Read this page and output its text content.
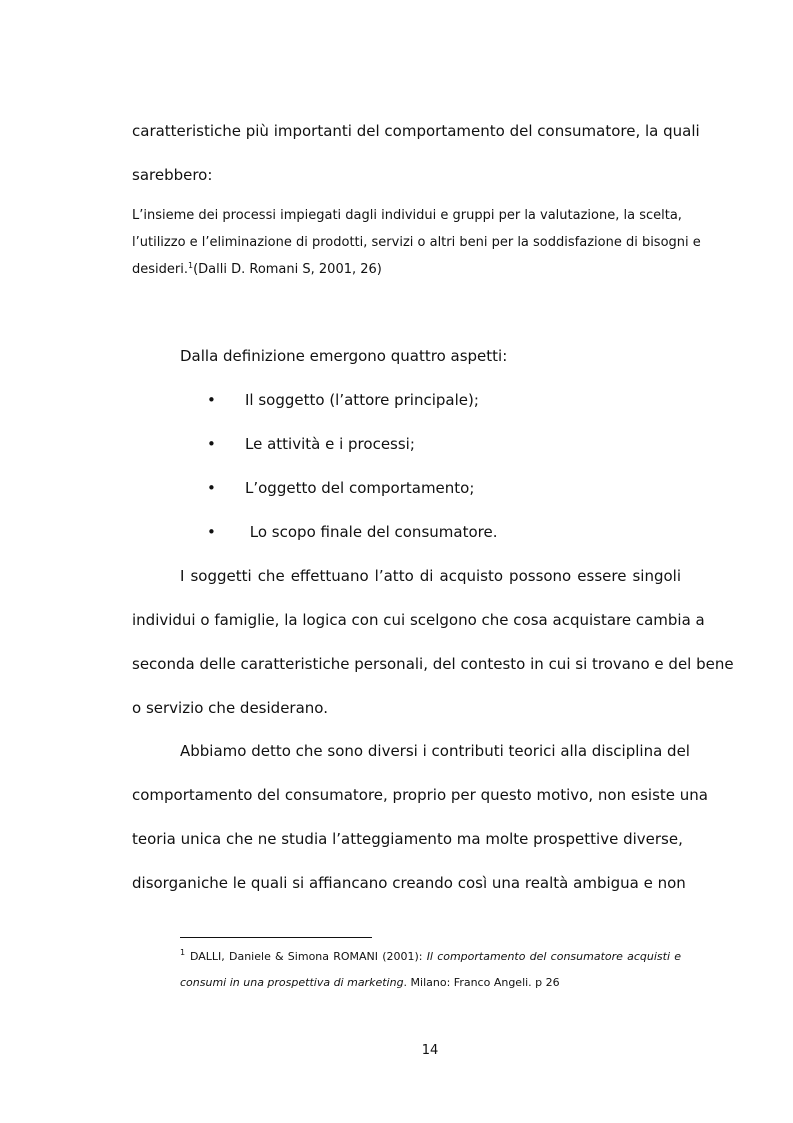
caratteristiche più importanti del comportamento del consumatore, la quali
sarebbero:
L’insieme dei processi impiegati dagli individui e gruppi per la valutazione, la scelta,
l’utilizzo e l’eliminazione di prodotti, servizi o altri beni per la soddisfazione di bisogni e
desideri.$^1$(Dalli D. Romani S, 2001, 26)
Dalla definizione emergono quattro aspetti:
• Il soggetto (l’attore principale);
• Le attività e i processi;
• L’oggetto del comportamento;
• Lo scopo finale del consumatore.
I soggetti che effettuano l’atto di acquisto possono essere singoli
individui o famiglie, la logica con cui scelgono che cosa acquistare cambia a
seconda delle caratteristiche personali, del contesto in cui si trovano e del bene
o servizio che desiderano.
Abbiamo detto che sono diversi i contributi teorici alla disciplina del
comportamento del consumatore, proprio per questo motivo, non esiste una
teoria unica che ne studia l’atteggiamento ma molte prospettive diverse,
disorganiche le quali si affiancano creando così una realtà ambigua e non
1 DALLI, Daniele & Simona ROMANI (2001): Il comportamento del consumatore acquisti e
consumi in una prospettiva di marketing. Milano: Franco Angeli. p 26
14
